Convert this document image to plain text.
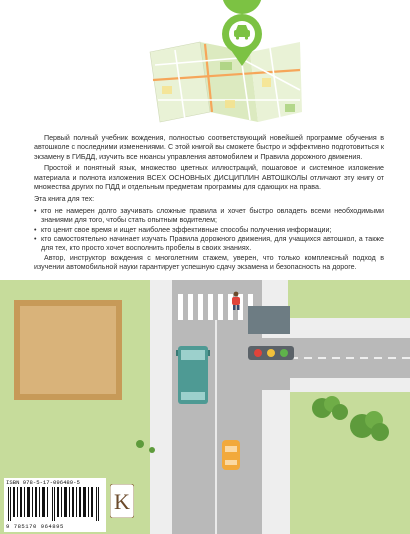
Первый полный учебник вождения, полностью соответствующий новейшей программе обучения в автошколе с последними изменениями. С этой книгой вы сможете быстро и эффективно подготовиться к экзамену в ГИБДД, изучить все нюансы управления автомобилем и Правила дорожного движения.

Простой и понятный язык, множество цветных иллюстраций, пошаговое и системное изложение материала и полнота изложения ВСЕХ ОСНОВНЫХ ДИСЦИПЛИН АВТОШКОЛЫ отличают эту книгу от множества других по ПДД и отдельным предметам программы для сдающих на права.

Эта книга для тех:

• кто не намерен долго заучивать сложные правила и хочет быстро овладеть всеми необходимыми знаниями для того, чтобы стать опытным водителем;
• кто ценит свое время и ищет наиболее эффективные способы получения информации;
• кто самостоятельно начинает изучать Правила дорожного движения, для учащихся автошкол, а также для тех, кто просто хочет восполнить пробелы в своих знаниях.

Автор, инструктор вождения с многолетним стажем, уверен, что только комплексный подход в изучении автомобильной науки гарантирует успешную сдачу экзамена и безопасность на дороге.

ISBN 978-5-17-096489-5
9 785170 964895
K
